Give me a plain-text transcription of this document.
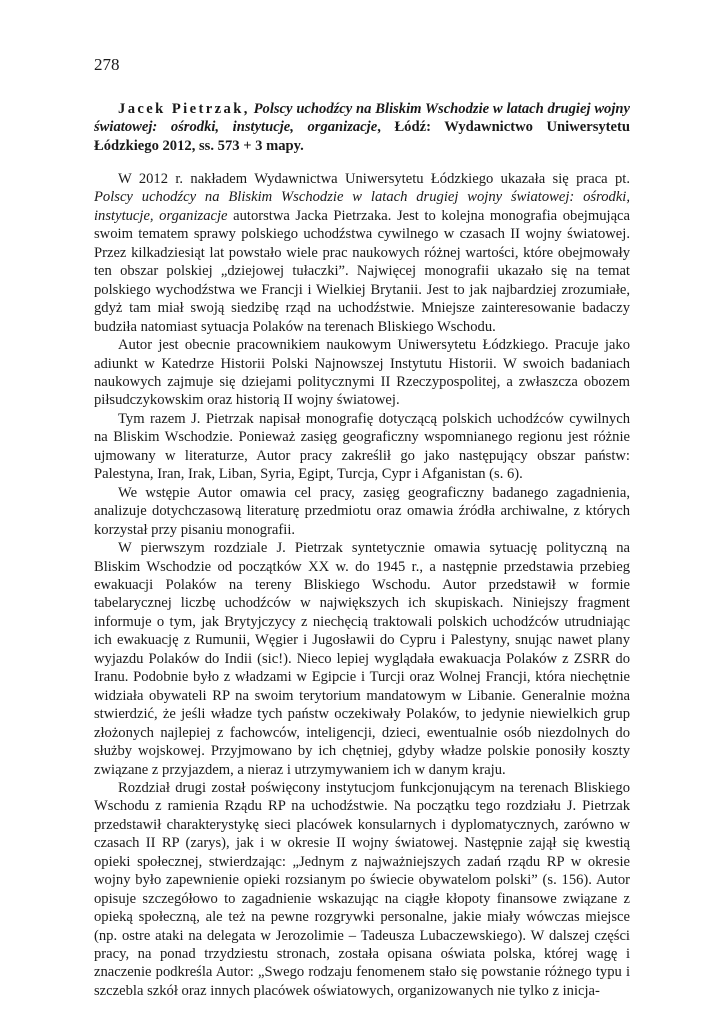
278
Jacek Pietrzak, Polscy uchodźcy na Bliskim Wschodzie w latach drugiej wojny światowej: ośrodki, instytucje, organizacje, Łódź: Wydawnictwo Uniwersytetu Łódzkiego 2012, ss. 573 + 3 mapy.

W 2012 r. nakładem Wydawnictwa Uniwersytetu Łódzkiego ukazała się praca pt. Polscy uchodźcy na Bliskim Wschodzie w latach drugiej wojny światowej: ośrodki, instytucje, organizacje autorstwa Jacka Pietrzaka. Jest to kolejna monografia obejmująca swoim tematem sprawy polskiego uchodźstwa cywilnego w czasach II wojny światowej. Przez kilkadziesiąt lat powstało wiele prac naukowych różnej wartości, które obejmowały ten obszar polskiej „dziejowej tułaczki”. Najwięcej monografii ukazało się na temat polskiego wychodźstwa we Francji i Wielkiej Brytanii. Jest to jak najbardziej zrozumiałe, gdyż tam miał swoją siedzibę rząd na uchodźstwie. Mniejsze zainteresowanie badaczy budziła natomiast sytuacja Polaków na terenach Bliskiego Wschodu.

Autor jest obecnie pracownikiem naukowym Uniwersytetu Łódzkiego. Pracuje jako adiunkt w Katedrze Historii Polski Najnowszej Instytutu Historii. W swoich badaniach naukowych zajmuje się dziejami politycznymi II Rzeczypospolitej, a zwłaszcza obozem piłsudczykowskim oraz historią II wojny światowej.

Tym razem J. Pietrzak napisał monografię dotyczącą polskich uchodźców cywilnych na Bliskim Wschodzie. Ponieważ zasięg geograficzny wspomnianego regionu jest różnie ujmowany w literaturze, Autor pracy zakreślił go jako następujący obszar państw: Palestyna, Iran, Irak, Liban, Syria, Egipt, Turcja, Cypr i Afganistan (s. 6).

We wstępie Autor omawia cel pracy, zasięg geograficzny badanego zagadnienia, analizuje dotychczasową literaturę przedmiotu oraz omawia źródła archiwalne, z których korzystał przy pisaniu monografii.

W pierwszym rozdziale J. Pietrzak syntetycznie omawia sytuację polityczną na Bliskim Wschodzie od początków XX w. do 1945 r., a następnie przedstawia przebieg ewakuacji Polaków na tereny Bliskiego Wschodu. Autor przedstawił w formie tabelarycznej liczbę uchodźców w największych ich skupiskach. Niniejszy fragment informuje o tym, jak Brytyjczycy z niechęcią traktowali polskich uchodźców utrudniając ich ewakuację z Rumunii, Węgier i Jugosławii do Cypru i Palestyny, snując nawet plany wyjazdu Polaków do Indii (sic!). Nieco lepiej wyglądała ewakuacja Polaków z ZSRR do Iranu. Podobnie było z władzami w Egipcie i Turcji oraz Wolnej Francji, która niechętnie widziała obywateli RP na swoim terytorium mandatowym w Libanie. Generalnie można stwierdzić, że jeśli władze tych państw oczekiwały Polaków, to jedynie niewielkich grup złożonych najlepiej z fachowców, inteligencji, dzieci, ewentualnie osób niezdolnych do służby wojskowej. Przyjmowano by ich chętniej, gdyby władze polskie ponosiły koszty związane z przyjazdem, a nieraz i utrzymywaniem ich w danym kraju.

Rozdział drugi został poświęcony instytucjom funkcjonującym na terenach Bliskiego Wschodu z ramienia Rządu RP na uchodźstwie. Na początku tego rozdziału J. Pietrzak przedstawił charakterystykę sieci placówek konsularnych i dyplomatycznych, zarówno w czasach II RP (zarys), jak i w okresie II wojny światowej. Następnie zajął się kwestią opieki społecznej, stwierdzając: „Jednym z najważniejszych zadań rządu RP w okresie wojny było zapewnienie opieki rozsianym po świecie obywatelom polski” (s. 156). Autor opisuje szczegółowo to zagadnienie wskazując na ciągłe kłopoty finansowe związane z opieką społeczną, ale też na pewne rozgrywki personalne, jakie miały wówczas miejsce (np. ostre ataki na delegata w Jerozolimie – Tadeusza Lubaczewskiego). W dalszej części pracy, na ponad trzydziestu stronach, została opisana oświata polska, której wagę i znaczenie podkreśla Autor: „Swego rodzaju fenomenem stało się powstanie różnego typu i szczebla szkół oraz innych placówek oświatowych, organizowanych nie tylko z inicja-
